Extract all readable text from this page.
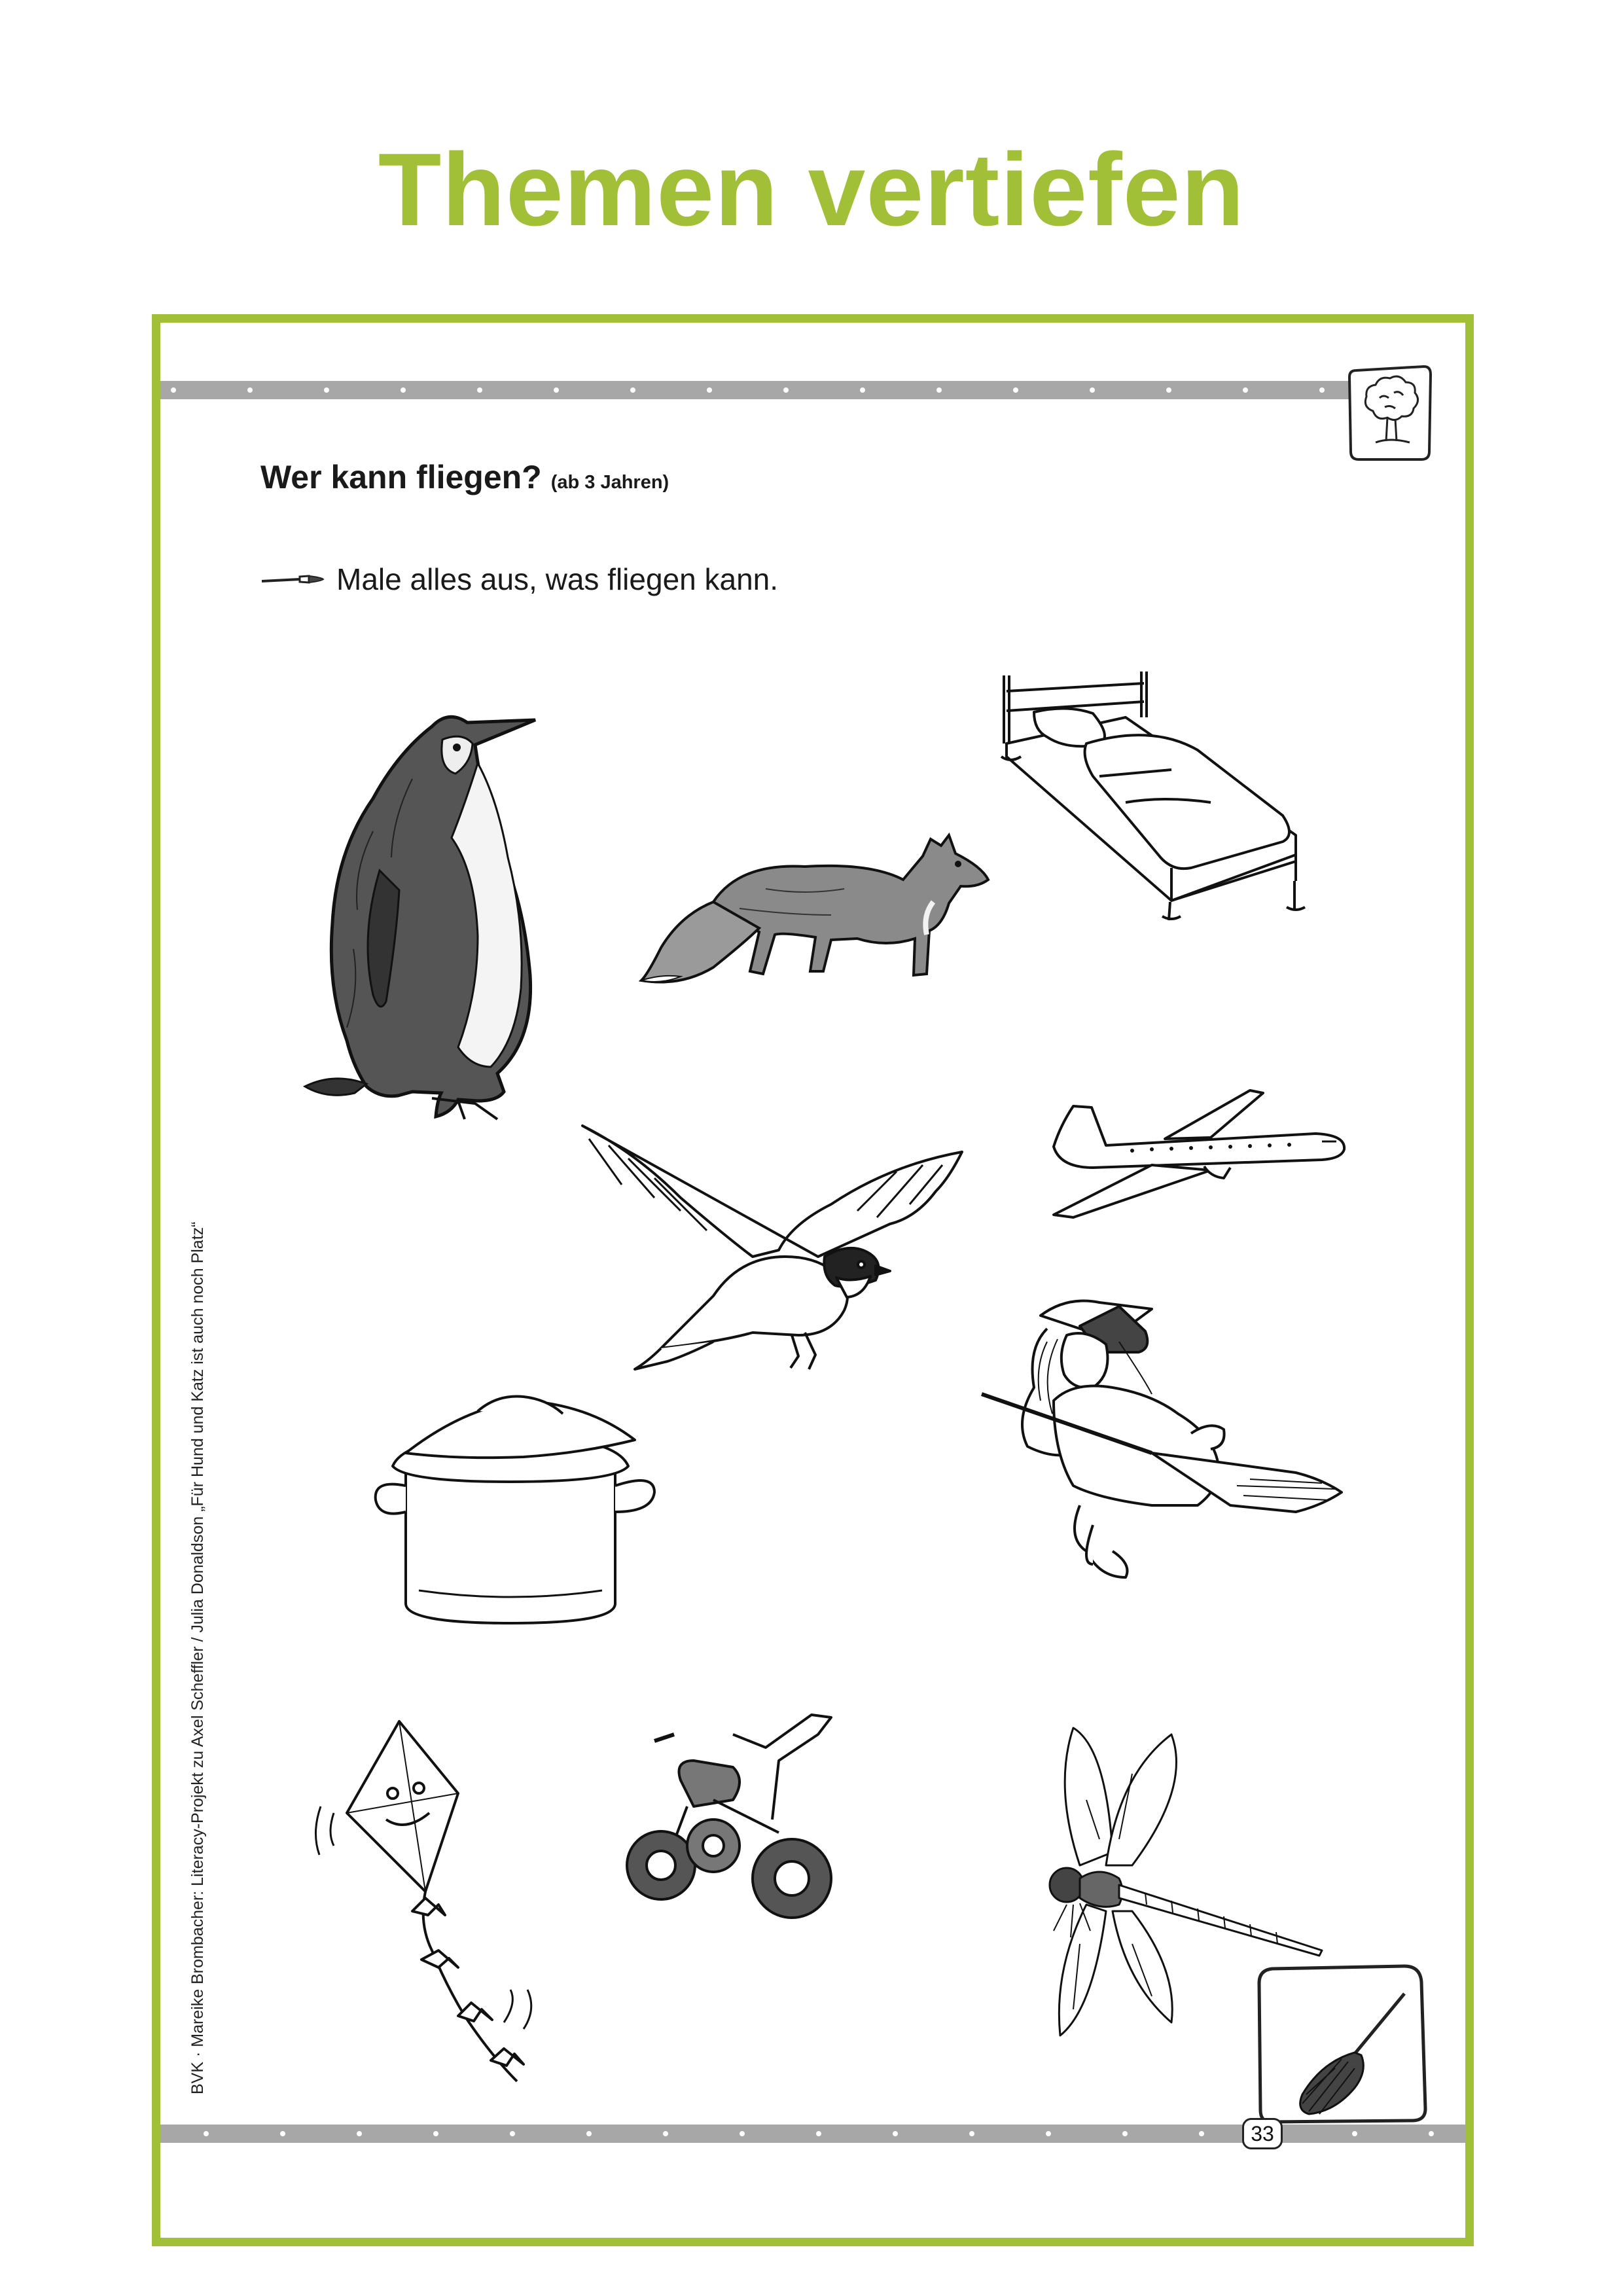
Themen vertiefen
Wer kann fliegen? (ab 3 Jahren)
Male alles aus, was fliegen kann.
BVK · Mareike Brombacher: Literacy-Projekt zu Axel Scheffler / Julia Donaldson „Für Hund und Katz ist auch noch Platz“
33
